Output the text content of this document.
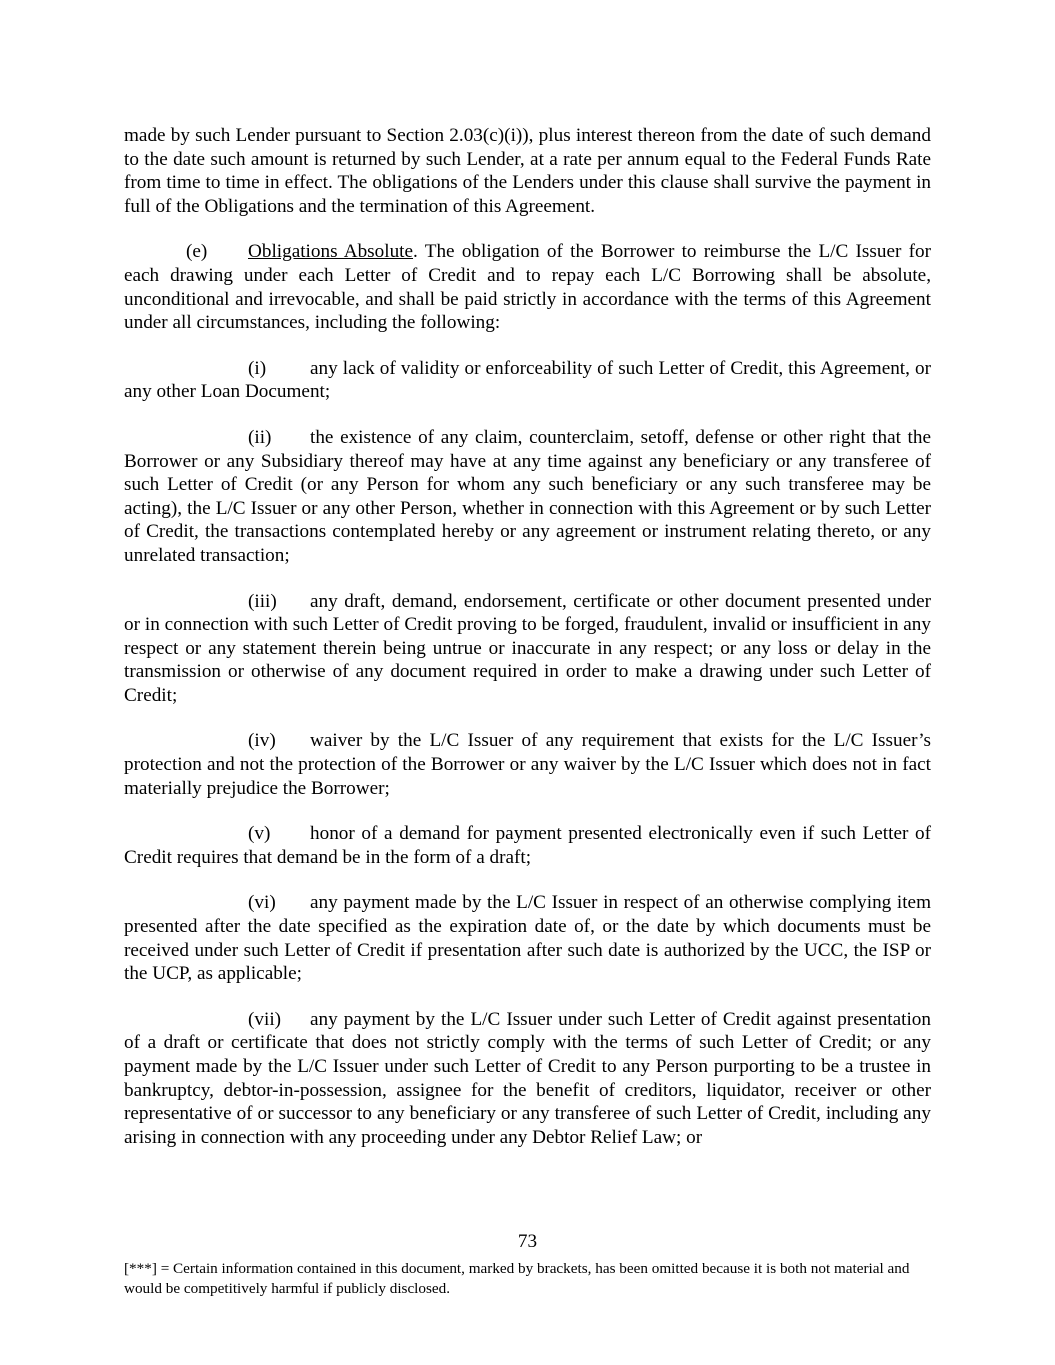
made by such Lender pursuant to Section 2.03(c)(i)), plus interest thereon from the date of such demand to the date such amount is returned by such Lender, at a rate per annum equal to the Federal Funds Rate from time to time in effect. The obligations of the Lenders under this clause shall survive the payment in full of the Obligations and the termination of this Agreement.

(e) Obligations Absolute. The obligation of the Borrower to reimburse the L/C Issuer for each drawing under each Letter of Credit and to repay each L/C Borrowing shall be absolute, unconditional and irrevocable, and shall be paid strictly in accordance with the terms of this Agreement under all circumstances, including the following:

(i) any lack of validity or enforceability of such Letter of Credit, this Agreement, or any other Loan Document;

(ii) the existence of any claim, counterclaim, setoff, defense or other right that the Borrower or any Subsidiary thereof may have at any time against any beneficiary or any transferee of such Letter of Credit (or any Person for whom any such beneficiary or any such transferee may be acting), the L/C Issuer or any other Person, whether in connection with this Agreement or by such Letter of Credit, the transactions contemplated hereby or any agreement or instrument relating thereto, or any unrelated transaction;

(iii) any draft, demand, endorsement, certificate or other document presented under or in connection with such Letter of Credit proving to be forged, fraudulent, invalid or insufficient in any respect or any statement therein being untrue or inaccurate in any respect; or any loss or delay in the transmission or otherwise of any document required in order to make a drawing under such Letter of Credit;

(iv) waiver by the L/C Issuer of any requirement that exists for the L/C Issuer’s protection and not the protection of the Borrower or any waiver by the L/C Issuer which does not in fact materially prejudice the Borrower;

(v) honor of a demand for payment presented electronically even if such Letter of Credit requires that demand be in the form of a draft;

(vi) any payment made by the L/C Issuer in respect of an otherwise complying item presented after the date specified as the expiration date of, or the date by which documents must be received under such Letter of Credit if presentation after such date is authorized by the UCC, the ISP or the UCP, as applicable;

(vii) any payment by the L/C Issuer under such Letter of Credit against presentation of a draft or certificate that does not strictly comply with the terms of such Letter of Credit; or any payment made by the L/C Issuer under such Letter of Credit to any Person purporting to be a trustee in bankruptcy, debtor-in-possession, assignee for the benefit of creditors, liquidator, receiver or other representative of or successor to any beneficiary or any transferee of such Letter of Credit, including any arising in connection with any proceeding under any Debtor Relief Law; or

73
[***] = Certain information contained in this document, marked by brackets, has been omitted because it is both not material and would be competitively harmful if publicly disclosed.
